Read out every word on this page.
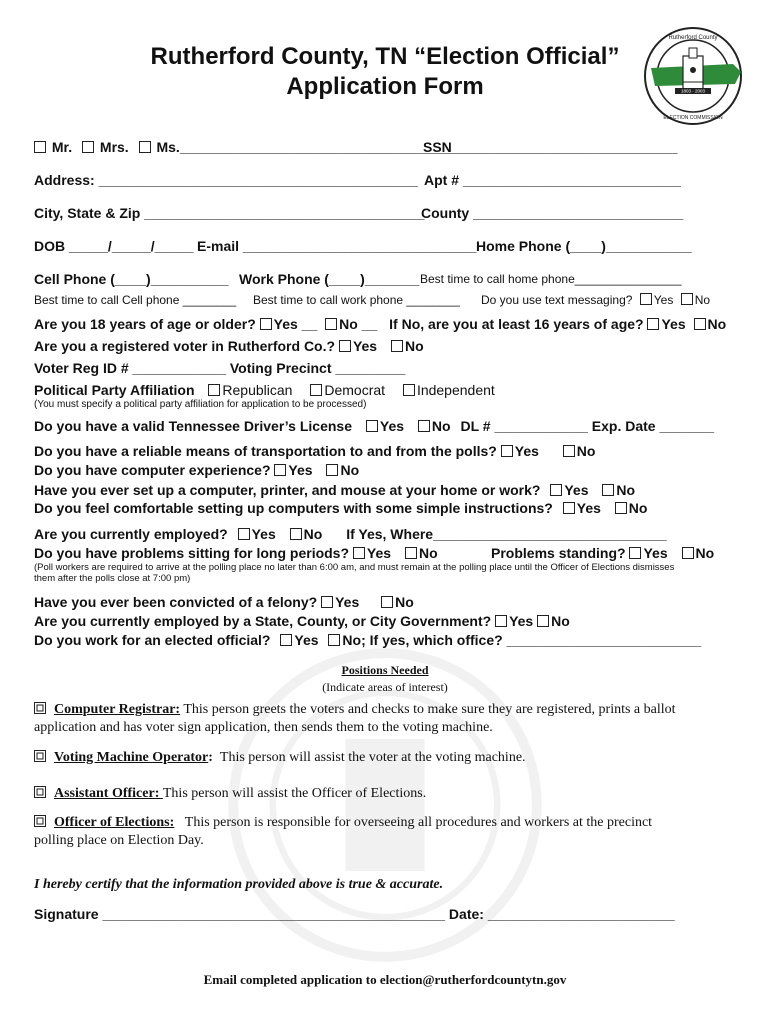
Rutherford County, TN “Election Official”
Application Form
Rutherford County
1803 · 2003
ELECTION COMMISSION
Mr. Mrs. Ms.___________________________________
SSN_____________________________
Address: _________________________________________ Apt # ____________________________
City, State & Zip ____________________________________
County ___________________________
DOB _____/_____/_____ E-mail ______________________________ Home Phone (____)___________
Cell Phone (____)__________ Work Phone (____)_______ Best time to call home phone________________
Best time to call Cell phone ________ Best time to call work phone ________ Do you use text messaging? Yes No
Are you 18 years of age or older? Yes __ No __ If No, are you at least 16 years of age? Yes No
Are you a registered voter in Rutherford Co.? Yes No
Voter Reg ID # ____________ Voting Precinct _________
Political Party Affiliation Republican Democrat Independent
(You must specify a political party affiliation for application to be processed)
Do you have a valid Tennessee Driver’s License Yes No DL # ____________ Exp. Date _______
Do you have a reliable means of transportation to and from the polls? Yes	No
Do you have computer experience? Yes No
Have you ever set up a computer, printer, and mouse at your home or work? Yes No
Do you feel comfortable setting up computers with some simple instructions? Yes No
Are you currently employed? Yes No If Yes, Where______________________________
Do you have problems sitting for long periods? Yes No	Problems standing? Yes No
(Poll workers are required to arrive at the polling place no later than 6:00 am, and must remain at the polling place until the Officer of Elections dismisses
them after the polls close at 7:00 pm)
Have you ever been convicted of a felony? Yes	No
Are you currently employed by a State, County, or City Government? Yes No
Do you work for an elected official? Yes No; If yes, which office? _________________________
Positions Needed
(Indicate areas of interest)
Computer Registrar: This person greets the voters and checks to make sure they are registered, prints a ballot
application and has voter sign application, then sends them to the voting machine.
Voting Machine Operator:  This person will assist the voter at the voting machine.
Assistant Officer: This person will assist the Officer of Elections.
Officer of Elections: This person is responsible for overseeing all procedures and workers at the precinct
polling place on Election Day.
I hereby certify that the information provided above is true & accurate.
Signature ____________________________________________ Date: ________________________
Email completed application to election@rutherfordcountytn.gov
